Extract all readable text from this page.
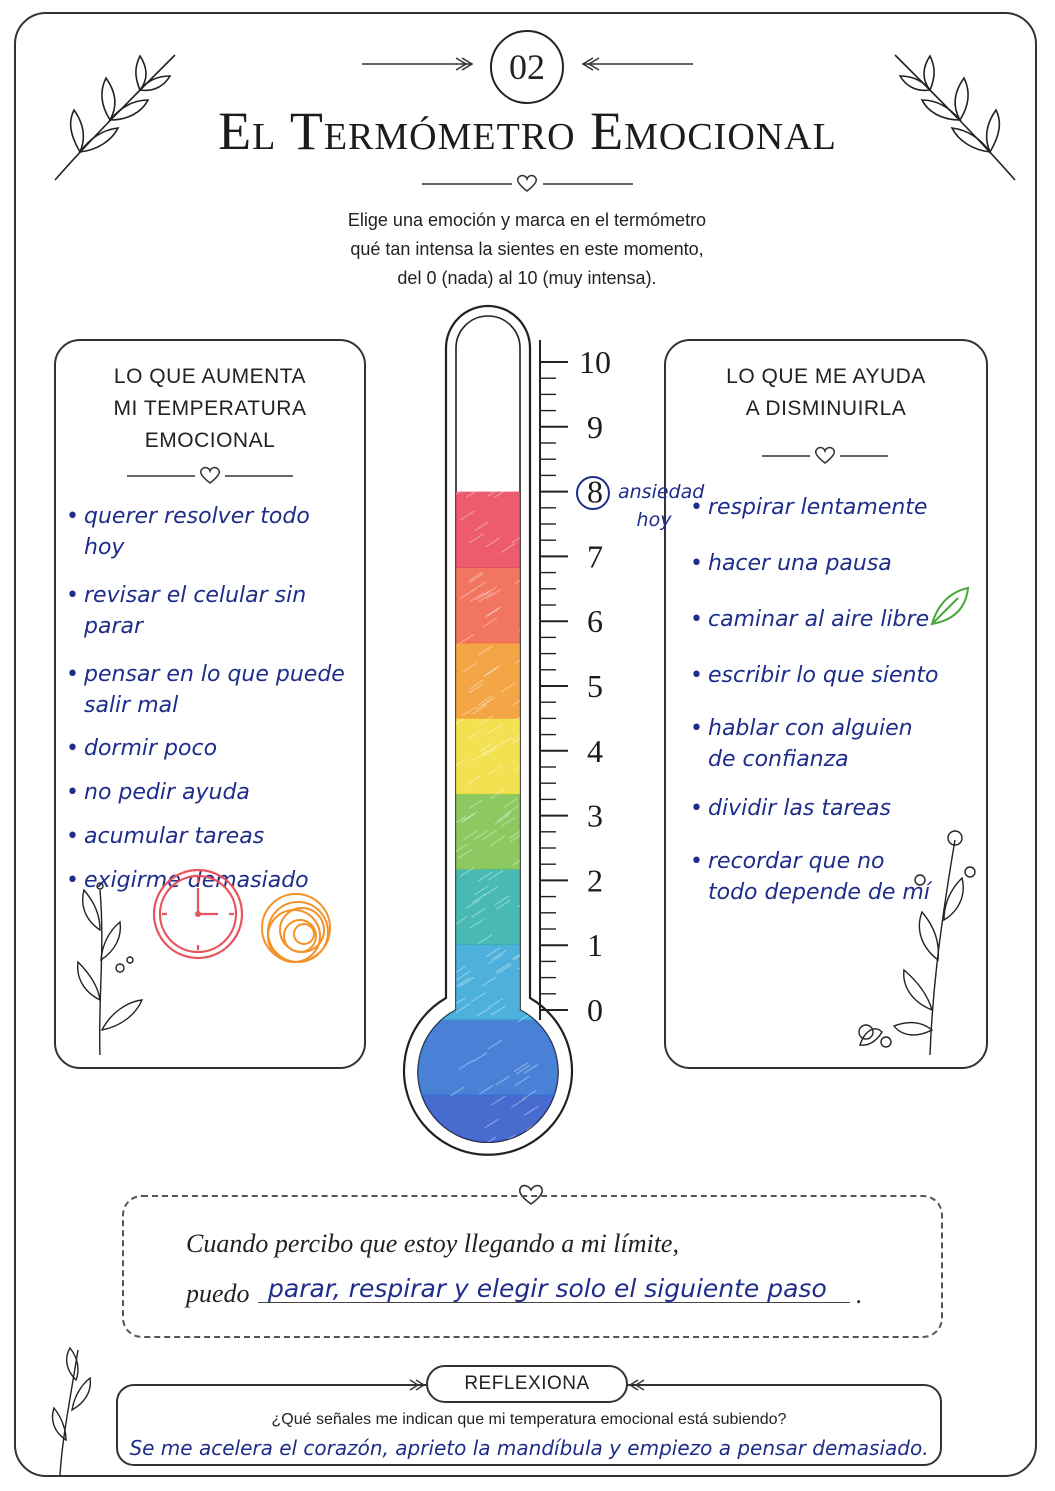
02
El Termómetro Emocional
Elige una emoción y marca en el termómetro
qué tan intensa la sientes en este momento,
del 0 (nada) al 10 (muy intensa).
LO QUE AUMENTA
MI TEMPERATURA
EMOCIONAL
• querer resolver todo hoy
• revisar el celular sin parar
• pensar en lo que puede salir mal
• dormir poco
• no pedir ayuda
• acumular tareas
• exigirme demasiado
LO QUE ME AYUDA
A DISMINUIRLA
• respirar lentamente
• hacer una pausa
• caminar al aire libre
• escribir lo que siento
• hablar con alguien de confianza
• dividir las tareas
• recordar que no todo depende de mí
10
9
8
7
6
5
4
3
2
1
0
ansiedad
hoy
Cuando percibo que estoy llegando a mi límite,
puedo parar, respirar y elegir solo el siguiente paso .
REFLEXIONA
¿Qué señales me indican que mi temperatura emocional está subiendo?
Se me acelera el corazón, aprieto la mandíbula y empiezo a pensar demasiado.
